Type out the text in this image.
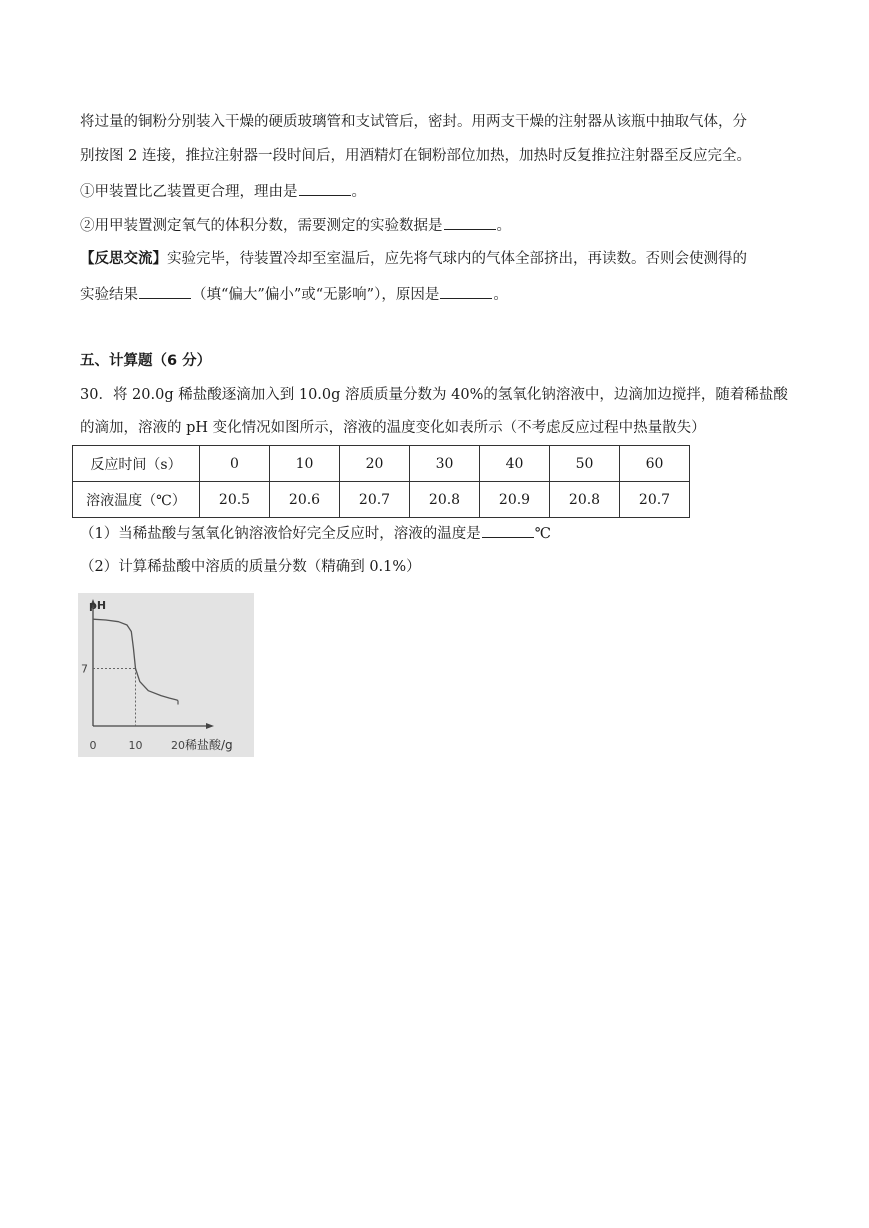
将过量的铜粉分别装入干燥的硬质玻璃管和支试管后，密封。用两支干燥的注射器从该瓶中抽取气体，分
别按图 2 连接，推拉注射器一段时间后，用酒精灯在铜粉部位加热，加热时反复推拉注射器至反应完全。
①甲装置比乙装置更合理，理由是	。
②用甲装置测定氧气的体积分数，需要测定的实验数据是	。
【反思交流】实验完毕，待装置冷却至室温后，应先将气球内的气体全部挤出，再读数。否则会使测得的
实验结果	（填“偏大”偏小”或“无影响”），原因是	。
五、计算题（6 分）
30．将 20.0g 稀盐酸逐滴加入到 10.0g 溶质质量分数为 40%的氢氧化钠溶液中，边滴加边搅拌，随着稀盐酸
的滴加，溶液的 pH 变化情况如图所示，溶液的温度变化如表所示（不考虑反应过程中热量散失）
反应时间（s）	0	10	20	30	40	50	60
溶液温度（℃）	20.5	20.6	20.7	20.8	20.9	20.8	20.7
（1）当稀盐酸与氢氧化钠溶液恰好完全反应时，溶液的温度是	℃
（2）计算稀盐酸中溶质的质量分数（精确到 0.1%）
pH
稀盐酸/g
0	10	20
7
